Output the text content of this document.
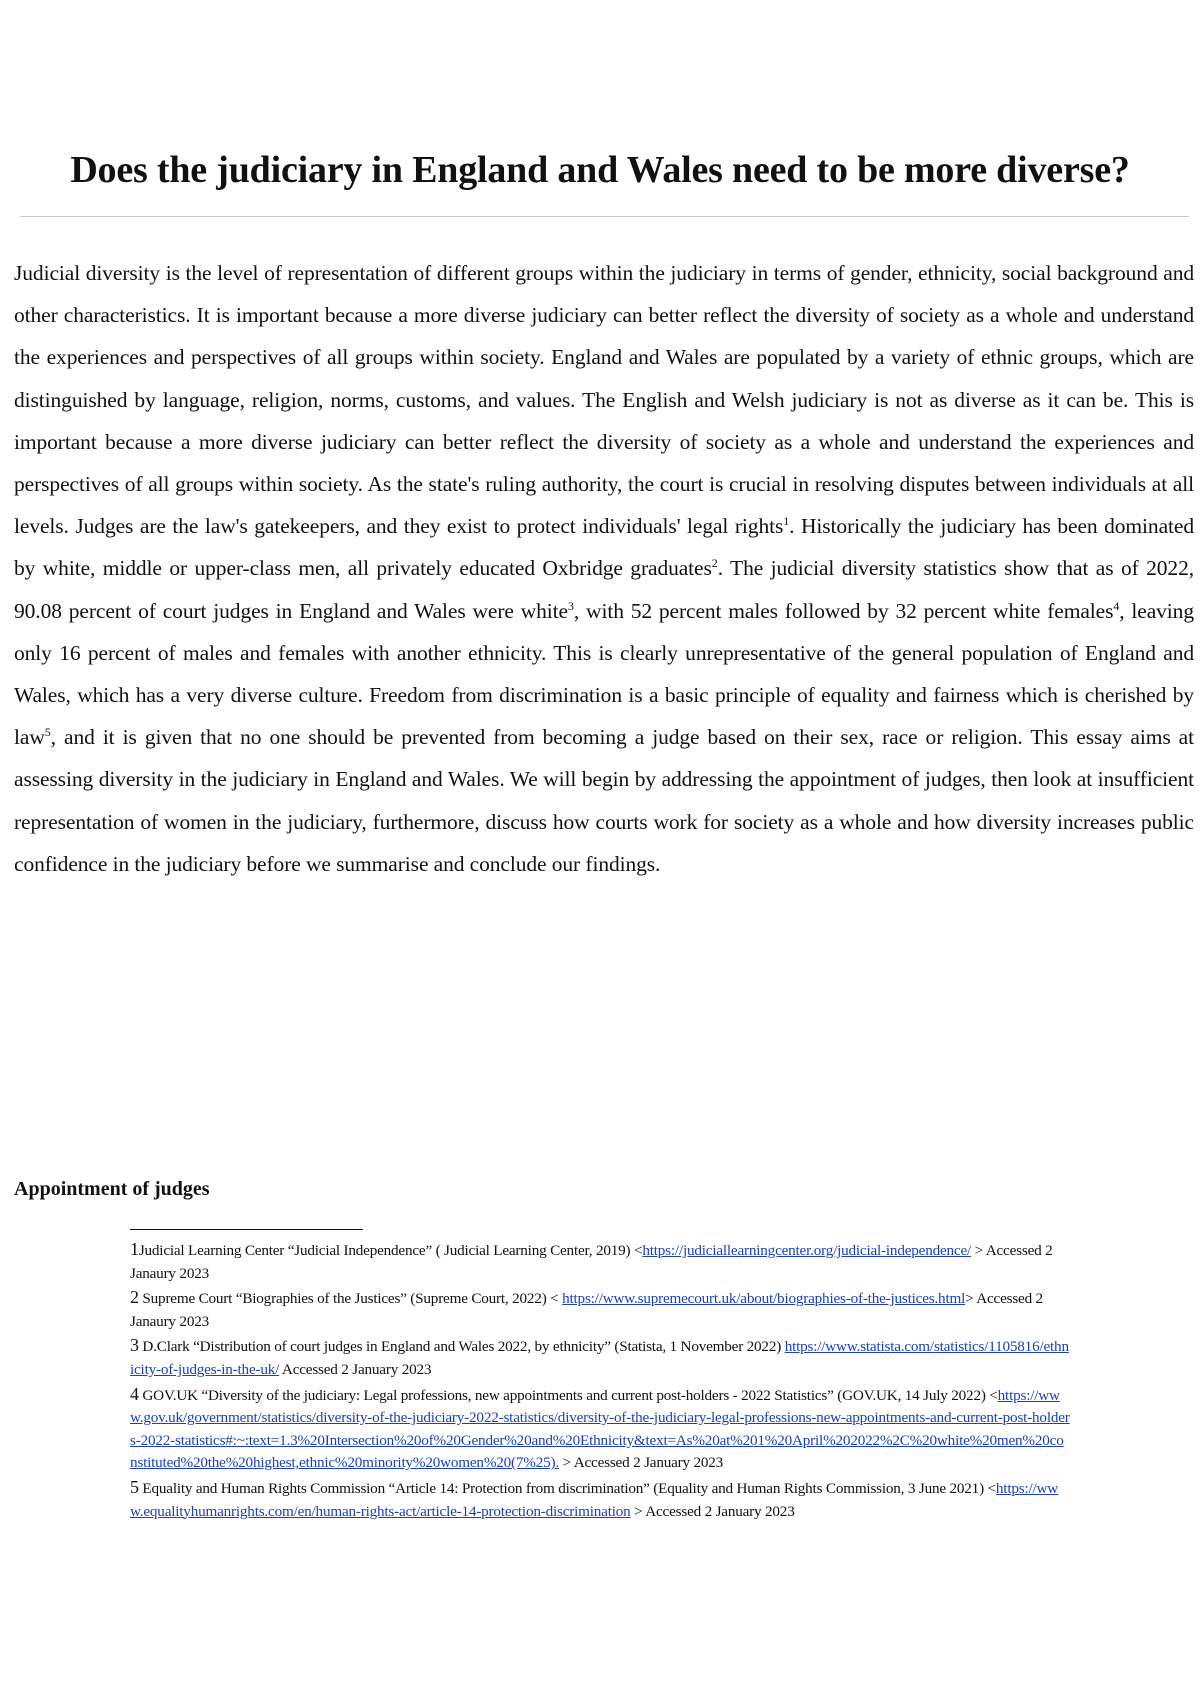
Does the judiciary in England and Wales need to be more diverse?

Judicial diversity is the level of representation of different groups within the judiciary in terms of gender, ethnicity, social background and other characteristics. It is important because a more diverse judiciary can better reflect the diversity of society as a whole and understand the experiences and perspectives of all groups within society. England and Wales are populated by a variety of ethnic groups, which are distinguished by language, religion, norms, customs, and values. The English and Welsh judiciary is not as diverse as it can be. This is important because a more diverse judiciary can better reflect the diversity of society as a whole and understand the experiences and perspectives of all groups within society. As the state's ruling authority, the court is crucial in resolving disputes between individuals at all levels. Judges are the law's gatekeepers, and they exist to protect individuals' legal rights$^1$. Historically the judiciary has been dominated by white, middle or upper-class men, all privately educated Oxbridge graduates$^2$. The judicial diversity statistics show that as of 2022, 90.08 percent of court judges in England and Wales were white$^3$, with 52 percent males followed by 32 percent white females$^4$, leaving only 16 percent of males and females with another ethnicity. This is clearly unrepresentative of the general population of England and Wales, which has a very diverse culture. Freedom from discrimination is a basic principle of equality and fairness which is cherished by law$^5$, and it is given that no one should be prevented from becoming a judge based on their sex, race or religion. This essay aims at assessing diversity in the judiciary in England and Wales. We will begin by addressing the appointment of judges, then look at insufficient representation of women in the judiciary, furthermore, discuss how courts work for society as a whole and how diversity increases public confidence in the judiciary before we summarise and conclude our findings.

Appointment of judges

1Judicial Learning Center “Judicial Independence” ( Judicial Learning Center, 2019) <https://judiciallearningcenter.org/judicial-independence/ > Accessed 2 Janaury 2023

2 Supreme Court “Biographies of the Justices” (Supreme Court, 2022) < https://www.supremecourt.uk/about/biographies-of-the-justices.html> Accessed 2 Janaury 2023

3 D.Clark “Distribution of court judges in England and Wales 2022, by ethnicity” (Statista, 1 November 2022) https://www.statista.com/statistics/1105816/ethnicity-of-judges-in-the-uk/ Accessed 2 January 2023

4 GOV.UK “Diversity of the judiciary: Legal professions, new appointments and current post-holders - 2022 Statistics” (GOV.UK, 14 July 2022) <https://www.gov.uk/government/statistics/diversity-of-the-judiciary-2022-statistics/diversity-of-the-judiciary-legal-professions-new-appointments-and-current-post-holders-2022-statistics#:~:text=1.3%20Intersection%20of%20Gender%20and%20Ethnicity&text=As%20at%201%20April%202022%2C%20white%20men%20constituted%20the%20highest,ethnic%20minority%20women%20(7%25). > Accessed 2 January 2023

5 Equality and Human Rights Commission “Article 14: Protection from discrimination” (Equality and Human Rights Commission, 3 June 2021) <https://www.equalityhumanrights.com/en/human-rights-act/article-14-protection-discrimination > Accessed 2 January 2023
